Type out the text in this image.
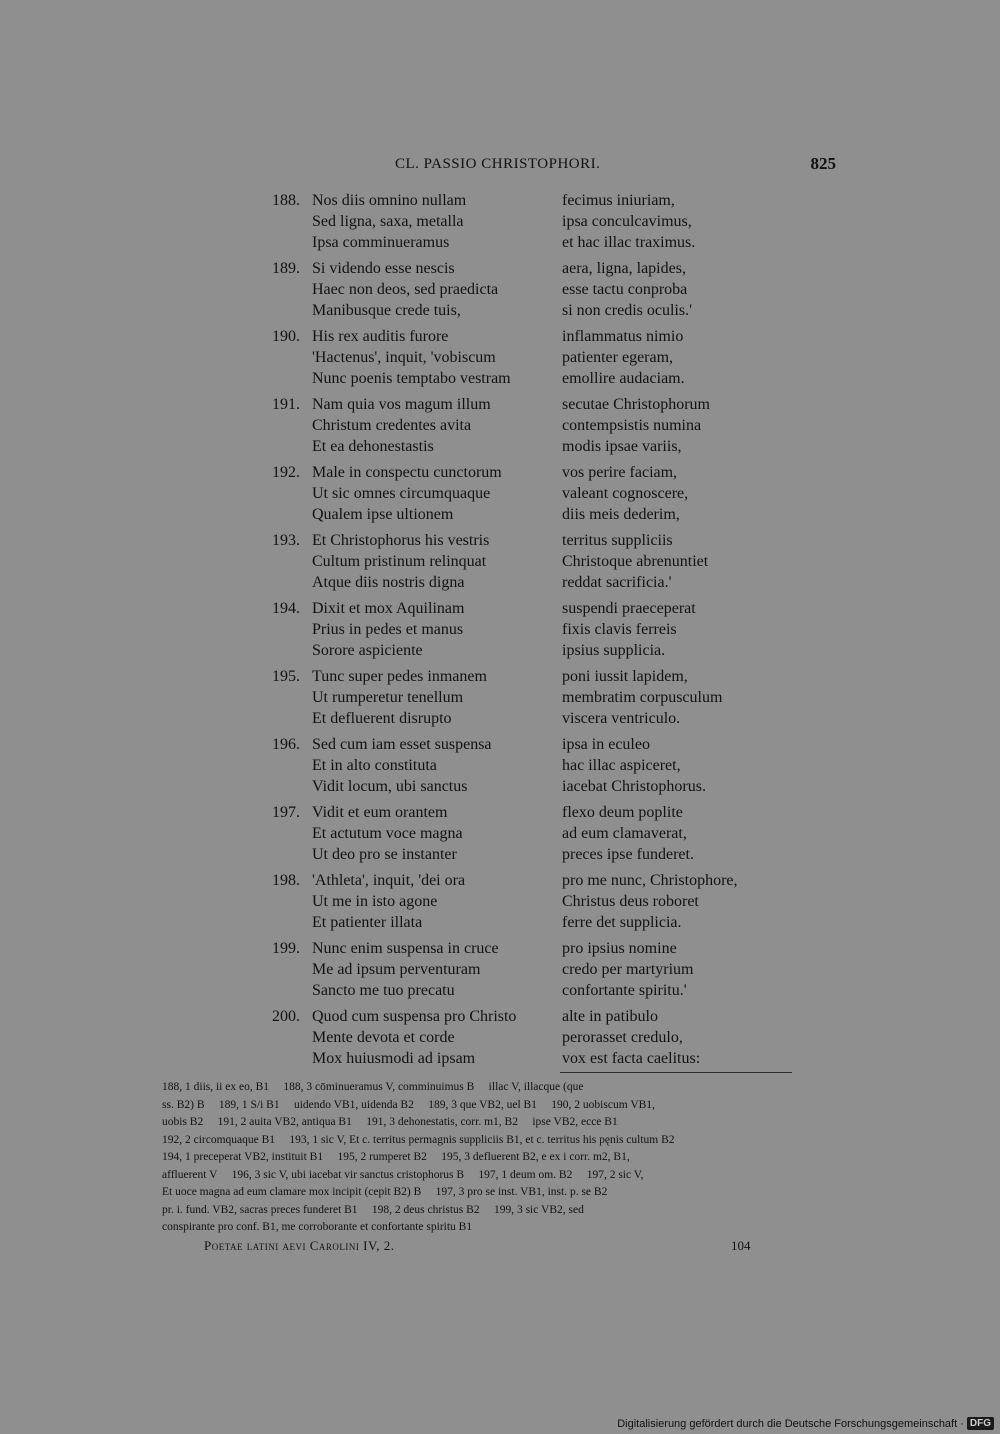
CL. PASSIO CHRISTOPHORI.	825
188. Nos diis omnino nullam	fecimus iniuriam,
Sed ligna, saxa, metalla	ipsa conculcavimus,
Ipsa comminueramus	et hac illac traximus.
189. Si videndo esse nescis	aera, ligna, lapides,
Haec non deos, sed praedicta	esse tactu conproba
Manibusque crede tuis,	si non credis oculis.'
190. His rex auditis furore	inflammatus nimio
'Hactenus', inquit, 'vobiscum	patienter egeram,
Nunc poenis temptabo vestram	emollire audaciam.
191. Nam quia vos magum illum	secutae Christophorum
Christum credentes avita	contempsistis numina
Et ea dehonestastis	modis ipsae variis,
192. Male in conspectu cunctorum	vos perire faciam,
Ut sic omnes circumquaque	valeant cognoscere,
Qualem ipse ultionem	diis meis dederim,
193. Et Christophorus his vestris	territus suppliciis
Cultum pristinum relinquat	Christoque abrenuntiet
Atque diis nostris digna	reddat sacrificia.'
194. Dixit et mox Aquilinam	suspendi praeceperat
Prius in pedes et manus	fixis clavis ferreis
Sorore aspiciente	ipsius supplicia.
195. Tunc super pedes inmanem	poni iussit lapidem,
Ut rumperetur tenellum	membratim corpusculum
Et defluerent disrupto	viscera ventriculo.
196. Sed cum iam esset suspensa	ipsa in eculeo
Et in alto constituta	hac illac aspiceret,
Vidit locum, ubi sanctus	iacebat Christophorus.
197. Vidit et eum orantem	flexo deum poplite
Et actutum voce magna	ad eum clamaverat,
Ut deo pro se instanter	preces ipse funderet.
198. 'Athleta', inquit, 'dei ora	pro me nunc, Christophore,
Ut me in isto agone	Christus deus roboret
Et patienter illata	ferre det supplicia.
199. Nunc enim suspensa in cruce	pro ipsius nomine
Me ad ipsum perventuram	credo per martyrium
Sancto me tuo precatu	confortante spiritu.'
200. Quod cum suspensa pro Christo	alte in patibulo
Mente devota et corde	perorasset credulo,
Mox huiusmodi ad ipsam	vox est facta caelitus:
188, 1 diis, ii ex eo, B1     188, 3 cōminueramus V, comminuimus B     illac V, illacque (que
ss. B2) B     189, 1 S/i B1     uidendo VB1, uidenda B2     189, 3 que VB2, uel B1     190, 2 uobiscum VB1,
uobis B2     191, 2 auita VB2, antiqua B1     191, 3 dehonestatis, corr. m1, B2     ipse VB2, ecce B1
192, 2 circomquaque B1     193, 1 sic V, Et c. territus permagnis suppliciis B1, et c. territus his pęnis cultum B2
194, 1 preceperat VB2, instituit B1     195, 2 rumperet B2     195, 3 defluerent B2, e ex i corr. m2, B1,
affluerent V     196, 3 sic V, ubi iacebat vir sanctus cristophorus B     197, 1 deum om. B2     197, 2 sic V,
Et uoce magna ad eum clamare mox incipit (cepit B2) B     197, 3 pro se inst. VB1, inst. p. se B2
pr. i. fund. VB2, sacras preces funderet B1     198, 2 deus christus B2     199, 3 sic VB2, sed
conspirante pro conf. B1, me corroborante et confortante spiritu B1
Poetae latini aevi Carolini IV, 2.	104
Digitalisierung gefördert durch die Deutsche Forschungsgemeinschaft · DFG
